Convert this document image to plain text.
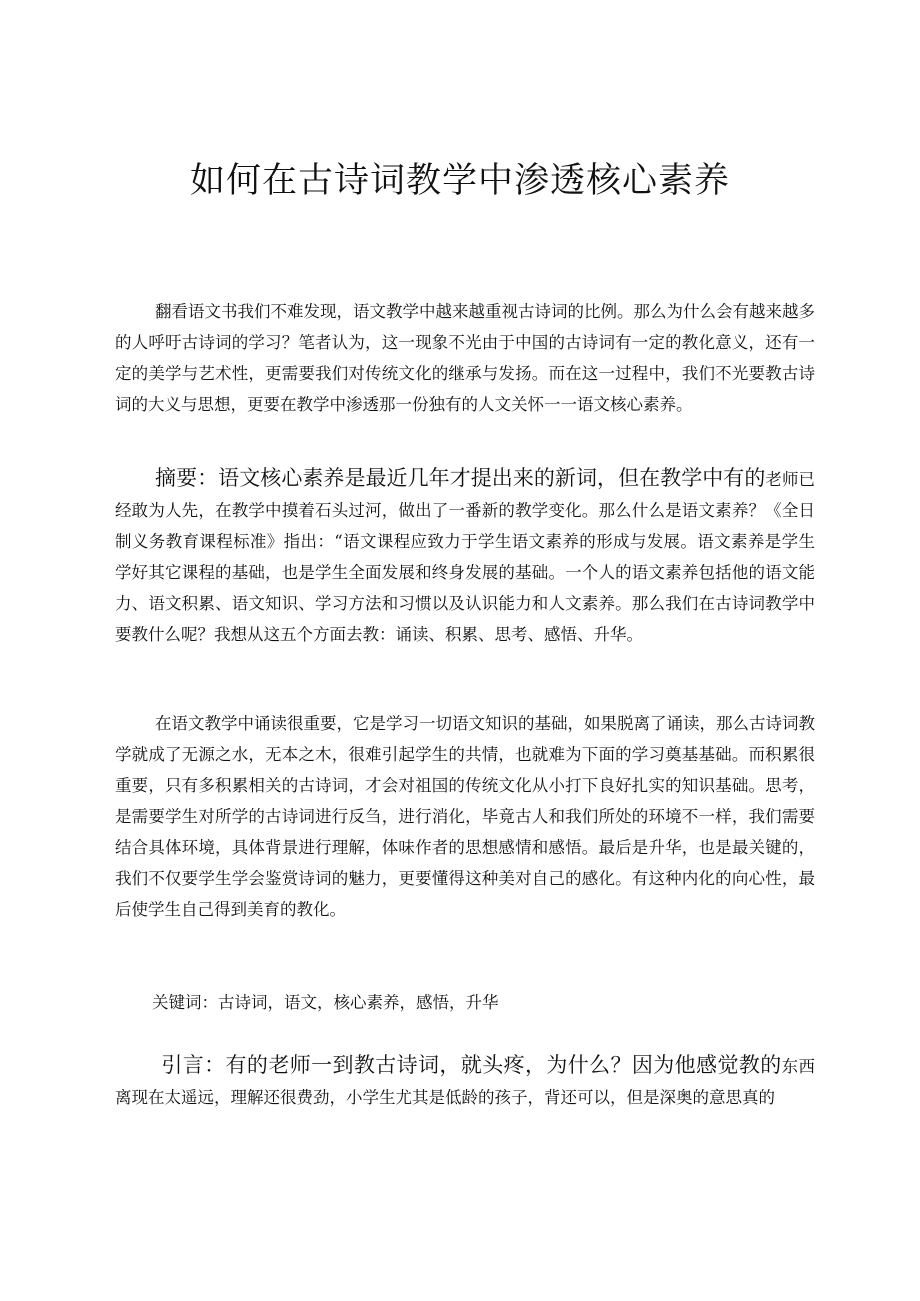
如何在古诗词教学中渗透核心素养

翻看语文书我们不难发现，语文教学中越来越重视古诗词的比例。那么为什么会有越来越多的人呼吁古诗词的学习？笔者认为，这一现象不光由于中国的古诗词有一定的教化意义，还有一定的美学与艺术性，更需要我们对传统文化的继承与发扬。而在这一过程中，我们不光要教古诗词的大义与思想，更要在教学中渗透那一份独有的人文关怀一一语文核心素养。

摘要：语文核心素养是最近几年才提出来的新词，但在教学中有的老师已经敢为人先，在教学中摸着石头过河，做出了一番新的教学变化。那么什么是语文素养？《全日制义务教育课程标准》指出：“语文课程应致力于学生语文素养的形成与发展。语文素养是学生学好其它课程的基础，也是学生全面发展和终身发展的基础。一个人的语文素养包括他的语文能力、语文积累、语文知识、学习方法和习惯以及认识能力和人文素养。那么我们在古诗词教学中要教什么呢？我想从这五个方面去教：诵读、积累、思考、感悟、升华。

在语文教学中诵读很重要，它是学习一切语文知识的基础，如果脱离了诵读，那么古诗词教学就成了无源之水，无本之木，很难引起学生的共情，也就难为下面的学习奠基基础。而积累很重要，只有多积累相关的古诗词，才会对祖国的传统文化从小打下良好扎实的知识基础。思考，是需要学生对所学的古诗词进行反刍，进行消化，毕竟古人和我们所处的环境不一样，我们需要结合具体环境，具体背景进行理解，体味作者的思想感情和感悟。最后是升华，也是最关键的，我们不仅要学生学会鉴赏诗词的魅力，更要懂得这种美对自己的感化。有这种内化的向心性，最后使学生自己得到美育的教化。

关键词：古诗词，语文，核心素养，感悟，升华

引言：有的老师一到教古诗词，就头疼，为什么？因为他感觉教的东西离现在太遥远，理解还很费劲，小学生尤其是低龄的孩子，背还可以，但是深奥的意思真的
